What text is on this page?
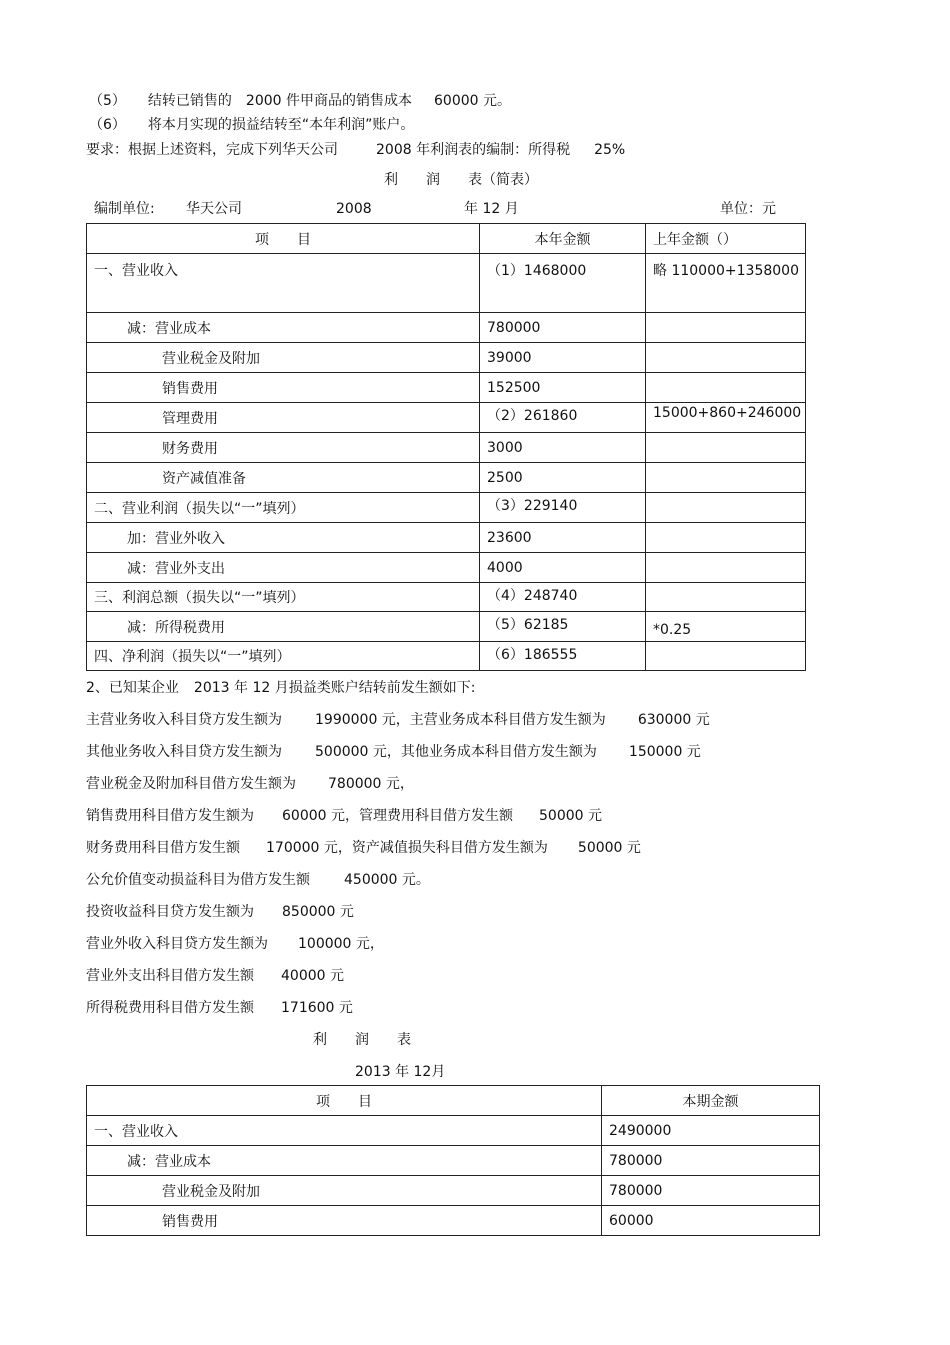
（5） 结转已销售的 2000 件甲商品的销售成本 60000 元。
（6） 将本月实现的损益结转至“本年利润”账户。
要求：根据上述资料，完成下列华天公司	2008 年利润表的编制：所得税 25%
利　　润　　表（简表）
编制单位: 华天公司	2008	年 12 月	单位：元
项　　目	本年金额	上年金额（）
一、营业收入	（1）1468000	略 110000+1358000
减：营业成本	780000	
营业税金及附加	39000	
销售费用	152500	
管理费用	（2）261860	15000+860+246000
财务费用	3000	
资产减值准备	2500	
二、营业利润（损失以“一”填列）	（3）229140	
加：营业外收入	23600	
减：营业外支出	4000	
三、利润总额（损失以“一”填列）	（4）248740	
减：所得税费用	（5）62185	*0.25
四、净利润（损失以“一”填列）	（6）186555	
2、已知某企业 2013 年 12 月损益类账户结转前发生额如下:
主营业务收入科目贷方发生额为 1990000 元，主营业务成本科目借方发生额为 630000 元
其他业务收入科目贷方发生额为 500000 元，其他业务成本科目借方发生额为 150000 元
营业税金及附加科目借方发生额为 780000 元，
销售费用科目借方发生额为 60000 元，管理费用科目借方发生额 50000 元
财务费用科目借方发生额 170000 元，资产减值损失科目借方发生额为 50000 元
公允价值变动损益科目为借方发生额 450000 元。
投资收益科目贷方发生额为 850000 元
营业外收入科目贷方发生额为 100000 元，
营业外支出科目借方发生额 40000 元
所得税费用科目借方发生额 171600 元
利　　润　　表
2013 年 12月
项　　目	本期金额
一、营业收入	2490000
减：营业成本	780000
营业税金及附加	780000
销售费用	60000
